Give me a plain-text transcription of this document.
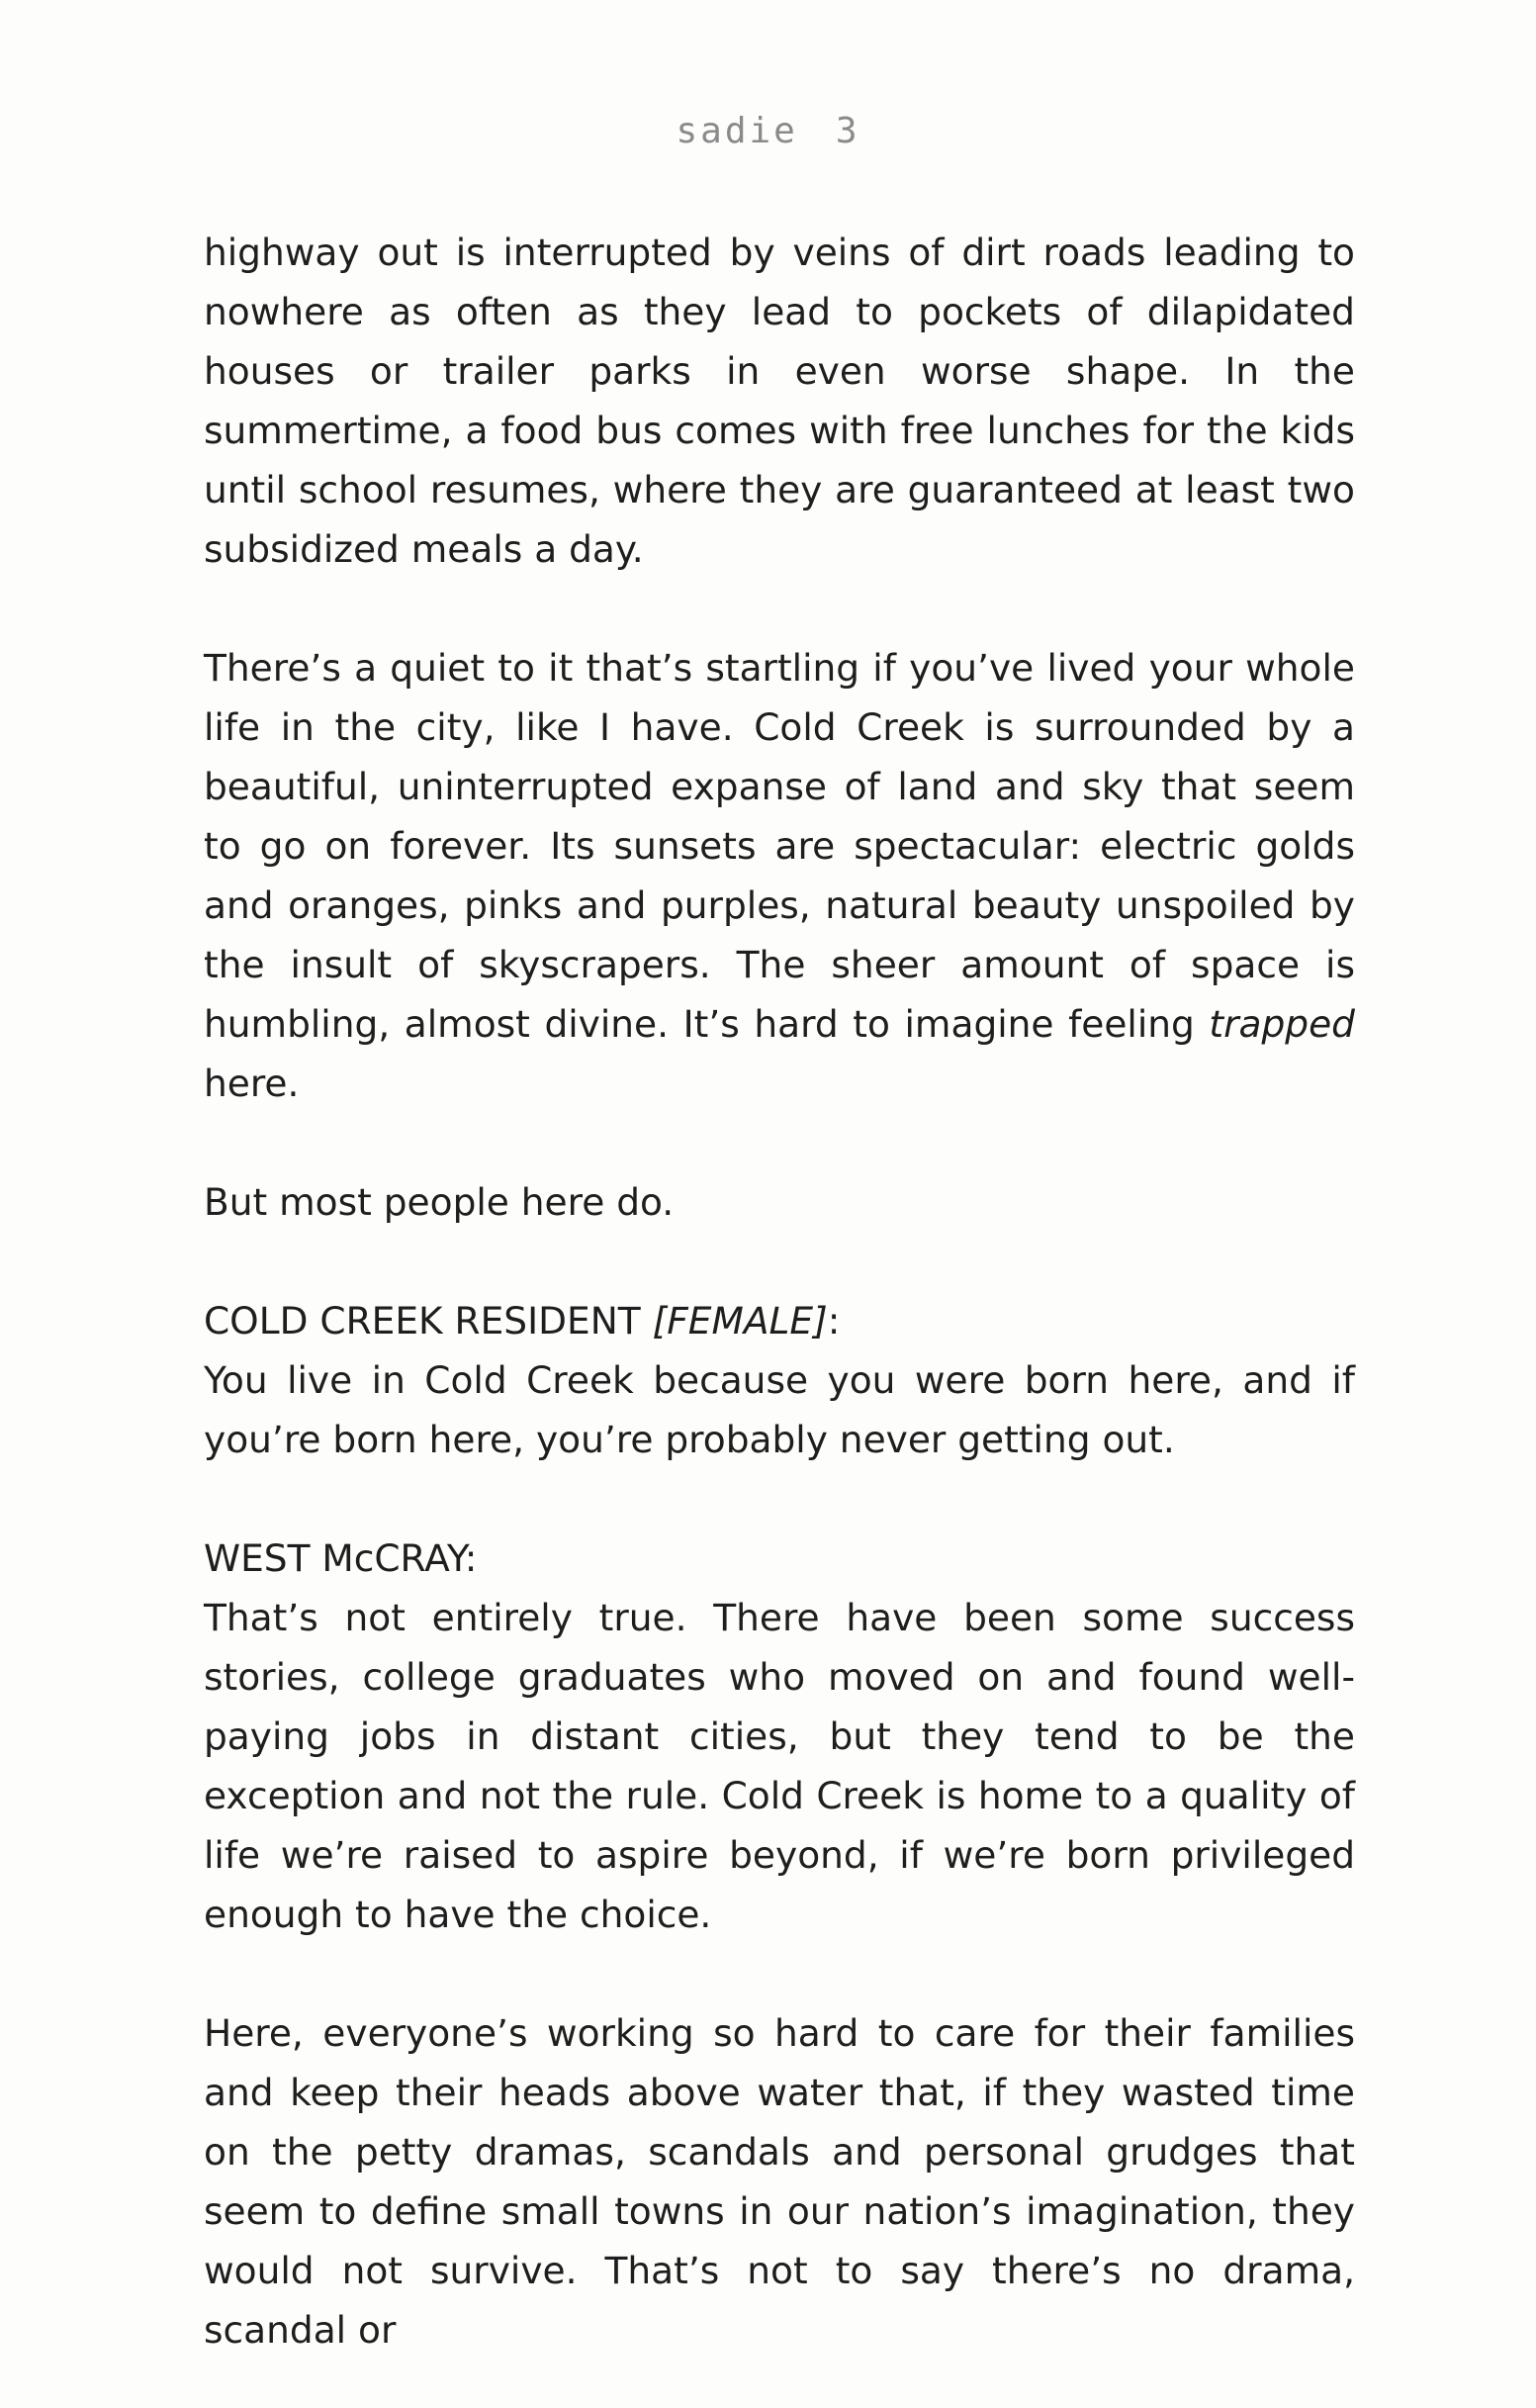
sadie 3

highway out is interrupted by veins of dirt roads leading to nowhere as often as they lead to pockets of dilapidated houses or trailer parks in even worse shape. In the summertime, a food bus comes with free lunches for the kids until school resumes, where they are guaranteed at least two subsidized meals a day.

There’s a quiet to it that’s startling if you’ve lived your whole life in the city, like I have. Cold Creek is surrounded by a beautiful, uninterrupted expanse of land and sky that seem to go on forever. Its sunsets are spectacular: electric golds and oranges, pinks and purples, natural beauty unspoiled by the insult of skyscrapers. The sheer amount of space is humbling, almost divine. It’s hard to imagine feeling trapped here.

But most people here do.

COLD CREEK RESIDENT [FEMALE]:

You live in Cold Creek because you were born here, and if you’re born here, you’re probably never getting out.

WEST McCRAY:

That’s not entirely true. There have been some success stories, college graduates who moved on and found well-paying jobs in distant cities, but they tend to be the exception and not the rule. Cold Creek is home to a quality of life we’re raised to aspire beyond, if we’re born privileged enough to have the choice.

Here, everyone’s working so hard to care for their families and keep their heads above water that, if they wasted time on the petty dramas, scandals and personal grudges that seem to define small towns in our nation’s imagination, they would not survive. That’s not to say there’s no drama, scandal or
